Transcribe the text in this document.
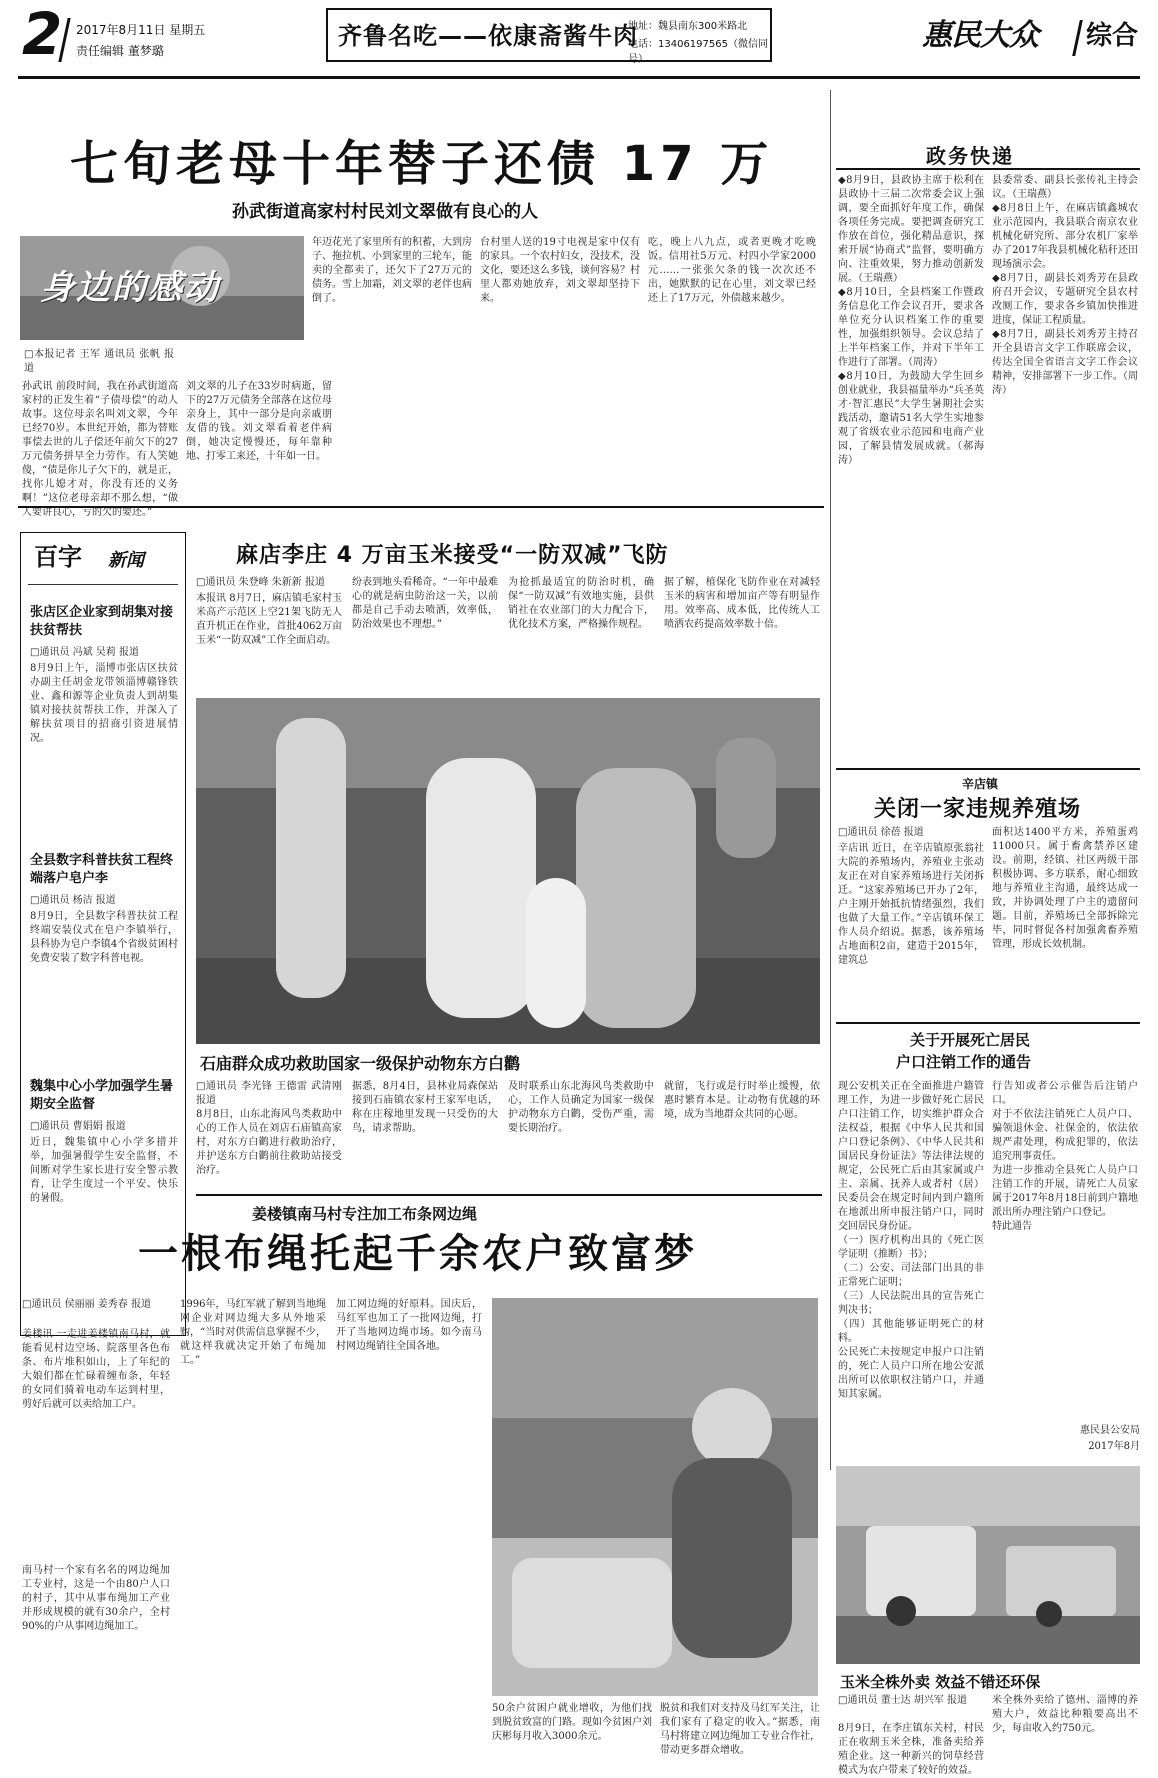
2 2017年8月11日 星期五
责任编辑 董梦璐
齐鲁名吃——依康斋酱牛肉
地址：魏县南东300米路北
电话：13406197565（微信同号）
惠民大众 综合
七旬老母十年替子还债 17 万
孙武街道高家村村民刘文翠做有良心的人
身边的感动
□本报记者 王军 通讯员 张帆 报道
孙武讯 前段时间，我在孙武街道高家村的正发生着“子债母偿”的动人故事。这位母亲名叫刘文翠，今年已经70岁。本世纪开始，都为替账事偿去世的儿子偿还年前欠下的27万元债务拼早全力劳作。有人笑她傻，“债是你儿子欠下的，就是正，找你儿媳才对，你没有还的义务啊！”这位老母亲却不那么想，“做人要讲良心，亏的欠的要还。”
刘文翠的儿子在33岁时病逝，留下的27万元债务全部落在这位母亲身上，其中一部分是向亲戚朋友借的钱。刘文翠看着老伴病倒，她决定慢慢还，每年靠种地、打零工来还，十年如一日。
年迈花光了家里所有的积蓄，大到房子、拖拉机、小到家里的三轮车，能卖的全都卖了，还欠下了27万元的债务。雪上加霜，刘文翠的老伴也病倒了。
台村里人送的19寸电视是家中仅有的家具。一个农村妇女，没技术，没文化，要还这么多钱，谈何容易？村里人都劝她放弃，刘文翠却坚持下来。
吃，晚上八九点，或者更晚才吃晚饭。信用社5万元、村四小学家2000元……一张张欠条的钱一次次还不出，她默默的记在心里，刘文翠已经还上了17万元，外债越来越少。
政务快递
◆8月9日，县政协主席于松利在县政协十三届二次常委会议上强调，要全面抓好年度工作，确保各项任务完成。要把调查研究工作放在首位，强化精品意识，探索开展“协商式”监督，要明确方向、注重效果，努力推动创新发展。（王瑞燕）
◆8月10日，全县档案工作暨政务信息化工作会议召开，要求各单位充分认识档案工作的重要性，加强组织领导。会议总结了上半年档案工作，并对下半年工作进行了部署。（周涛）
◆8月10日，为鼓励大学生回乡创业就业，我县福量举办“兵圣英才·智汇惠民”大学生暑期社会实践活动，邀请51名大学生实地参观了省级农业示范园和电商产业园，了解县情发展成就。（郝海涛）
县委常委、副县长张传礼主持会议。（王瑞燕）
◆8月8日上午，在麻店镇鑫城农业示范园内，我县联合南京农业机械化研究所、部分农机厂家举办了2017年我县机械化秸秆还田现场演示会。
◆8月7日，副县长刘秀芳在县政府召开会议，专题研究全县农村改厕工作，要求各乡镇加快推进进度，保证工程质量。
◆8月7日，副县长刘秀芳主持召开全县语言文字工作联席会议，传达全国全省语言文字工作会议精神，安排部署下一步工作。（周涛）
辛店镇
关闭一家违规养殖场
□通讯员 徐蓓 报道
辛店讯 近日，在辛店镇原张翁社大院的养殖场内，养殖业主张动友正在对自家养殖场进行关闭拆迁。“这家养殖场已开办了2年，户主刚开始抵抗情绪强烈，我们也做了大量工作。”辛店镇环保工作人员介绍说。据悉，该养殖场占地面积2亩，建造于2015年，建筑总
面积达1400平方米，养殖蛋鸡11000只。属于畜禽禁养区建设。前期，经镇、社区两级干部积极协调、多方联系，耐心细致地与养殖业主沟通，最终达成一致，并协调处理了户主的遗留问题。目前，养殖场已全部拆除完毕，同时督促各村加强禽畜养殖管理，形成长效机制。
关于开展死亡居民
户口注销工作的通告
现公安机关正在全面推进户籍管理工作，为进一步做好死亡居民户口注销工作，切实维护群众合法权益，根据《中华人民共和国户口登记条例》、《中华人民共和国居民身份证法》等法律法规的规定，公民死亡后由其家属或户主、亲属、抚养人或者村（居）民委员会在规定时间内到户籍所在地派出所申报注销户口，同时交回居民身份证。
（一）医疗机构出具的《死亡医学证明（推断）书》；
（二）公安、司法部门出具的非正常死亡证明；
（三）人民法院出具的宣告死亡判决书；
（四）其他能够证明死亡的材料。
公民死亡未按规定申报户口注销的，死亡人员户口所在地公安派出所可以依职权注销户口，并通知其家属。
行告知或者公示催告后注销户口。
对于不依法注销死亡人员户口、骗领退休金、社保金的，依法依规严肃处理，构成犯罪的，依法追究刑事责任。
为进一步推动全县死亡人员户口注销工作的开展，请死亡人员家属于2017年8月18日前到户籍地派出所办理注销户口登记。
特此通告
惠民县公安局
2017年8月
百字 新闻
张店区企业家到胡集对接扶贫帮扶
□通讯员 冯斌 吴莉 报道
8月9日上午，淄博市张店区扶贫办副主任胡金龙带领淄博赣锋铁业、鑫和源等企业负责人到胡集镇对接扶贫帮扶工作，并深入了解扶贫项目的招商引资进展情况。
全县数字科普扶贫工程终端落户皂户李
□通讯员 杨洁 报道
8月9日，全县数字科普扶贫工程终端安装仪式在皂户李镇举行，县科协为皂户李镇4个省级贫困村免费安装了数字科普电视。
魏集中心小学加强学生暑期安全监督
□通讯员 曹娟娟 报道
近日，魏集镇中心小学多措并举，加强暑假学生安全监督，不间断对学生家长进行安全警示教育，让学生度过一个平安、快乐的暑假。
麻店李庄 4 万亩玉米接受“一防双减”飞防
□通讯员 朱登峰 朱新新 报道
本报讯 8月7日，麻店镇毛家村玉米高产示范区上空21架飞防无人直升机正在作业，首批4062万亩玉米“一防双减”工作全面启动。
纷表到地头看稀奇。“一年中最难心的就是病虫防治这一关，以前都是自己手动去喷洒，效率低，防治效果也不理想。”
为抢抓最适宜的防治时机，确保“一防双减”有效地实施，县供销社在农业部门的大力配合下，优化技术方案，严格操作规程。
据了解，植保化飞防作业在对减轻玉米的病害和增加亩产等有明显作用。效率高、成本低，比传统人工喷洒农药提高效率数十倍。
石庙群众成功救助国家一级保护动物东方白鹳
□通讯员 李光锋 王德雷 武清刚 报道
8月8日，山东北海风鸟类救助中心的工作人员在刘店石庙镇高家村，对东方白鹳进行救助治疗，并护送东方白鹳前往救助站接受治疗。
据悉，8月4日，县林业局森保站接到石庙镇农家村王家军电话，称在庄稼地里发现一只受伤的大鸟，请求帮助。
及时联系山东北海风鸟类救助中心，工作人员确定为国家一级保护动物东方白鹳，受伤严重，需要长期治疗。
就留，飞行或是行时举止缓慢，依惠时繁育本是。让动物有优越的环境，成为当地群众共同的心愿。
姜楼镇南马村专注加工布条网边绳
一根布绳托起千余农户致富梦
□通讯员 侯丽丽 姜秀春 报道
姜楼讯 一走进姜楼镇南马村，就能看见村边空场、院落里各色布条、布片堆积如山，上了年纪的大娘们都在忙碌着缠布条，年轻的女同们骑着电动车运到村里，剪好后就可以卖给加工户。
南马村一个家有名名的网边绳加工专业村，这是一个由80户人口的村子，其中从事布绳加工产业并形成规模的就有30余户，全村90%的户从事网边绳加工。
1996年，马红军就了解到当地绳网企业对网边绳大多从外地采购，“当时对供需信息掌握不少，就这样我就决定开始了布绳加工。”
加工网边绳的好原料。国庆后，马红军也加工了一批网边绳，打开了当地网边绳市场。如今南马村网边绳销往全国各地。
50余户贫困户就业增收，为他们找到脱贫致富的门路。现如今贫困户刘庆彬每月收入3000余元。
脱贫和我们对支持及马红军关注，让我们家有了稳定的收入。”据悉，南马村将建立网边绳加工专业合作社，带动更多群众增收。
玉米全株外卖 效益不错还环保
□通讯员 董士达 胡兴军 报道
8月9日，在李庄镇东关村，村民正在收割玉米全株，准备卖给养殖企业。这一种新兴的饲草经营模式为农户带来了较好的效益。
米全株外卖给了德州、淄博的养殖大户，效益比种粮要高出不少，每亩收入约750元。
